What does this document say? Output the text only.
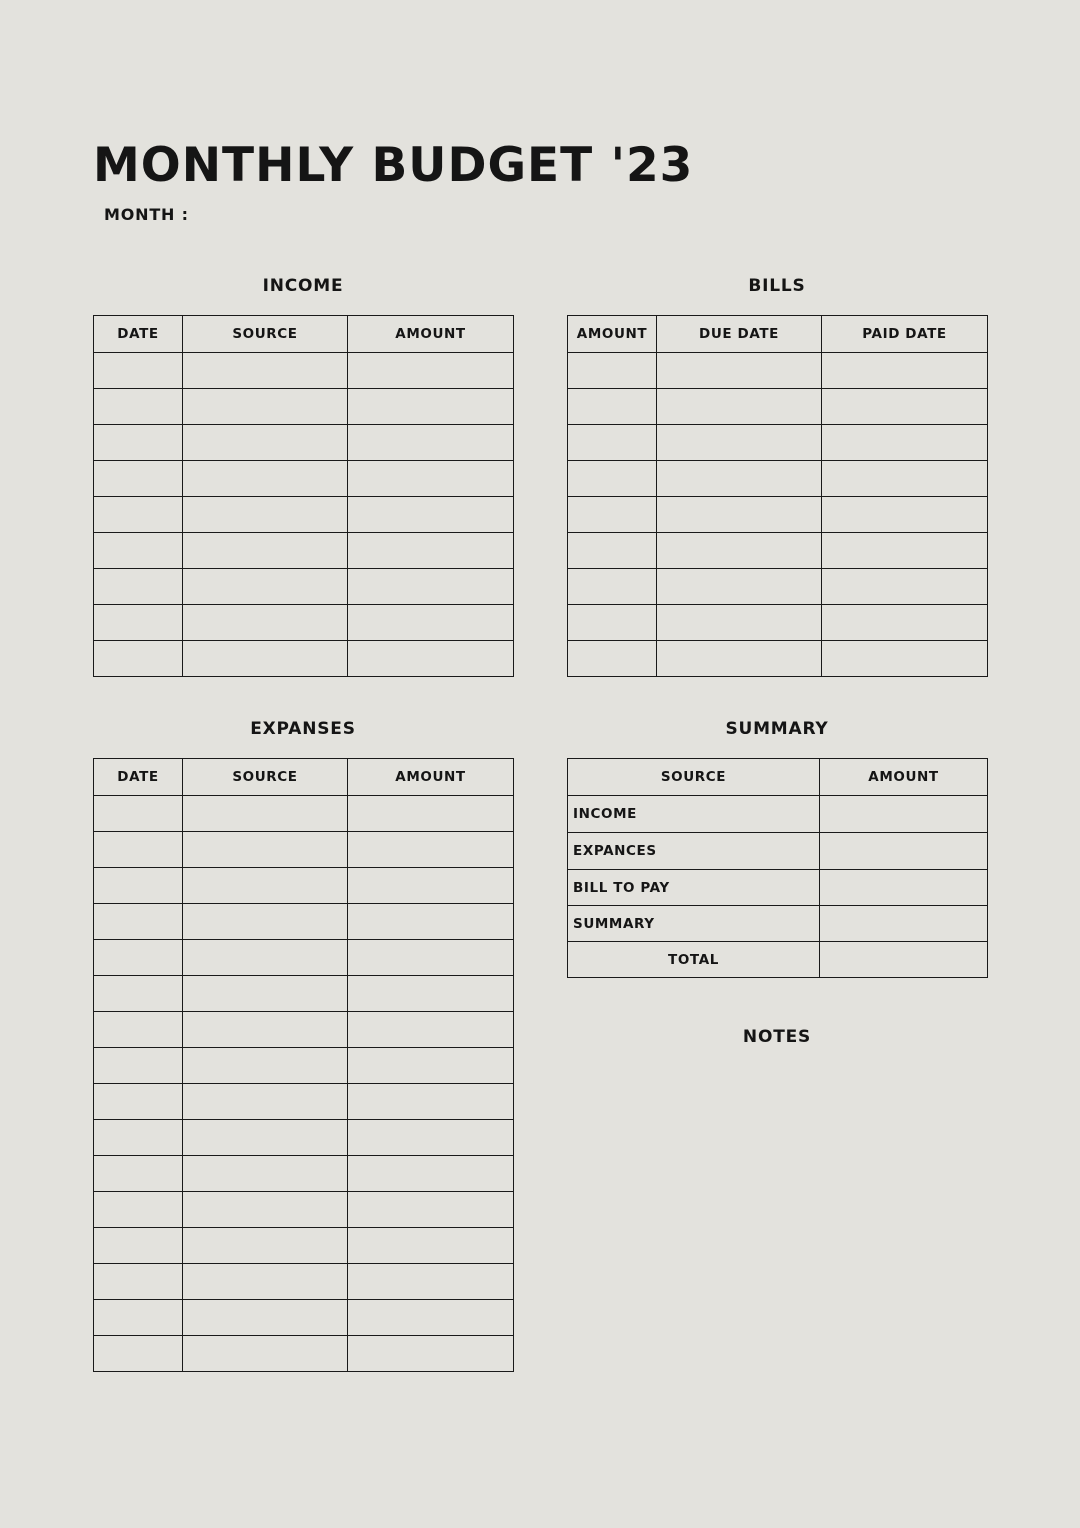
MONTHLY BUDGET '23
MONTH :
INCOME
DATE	SOURCE	AMOUNT

BILLS
AMOUNT	DUE DATE	PAID DATE

EXPANSES
DATE	SOURCE	AMOUNT

SUMMARY
SOURCE	AMOUNT
INCOME	
EXPANCES	
BILL TO PAY	
SUMMARY	
TOTAL	
NOTES
